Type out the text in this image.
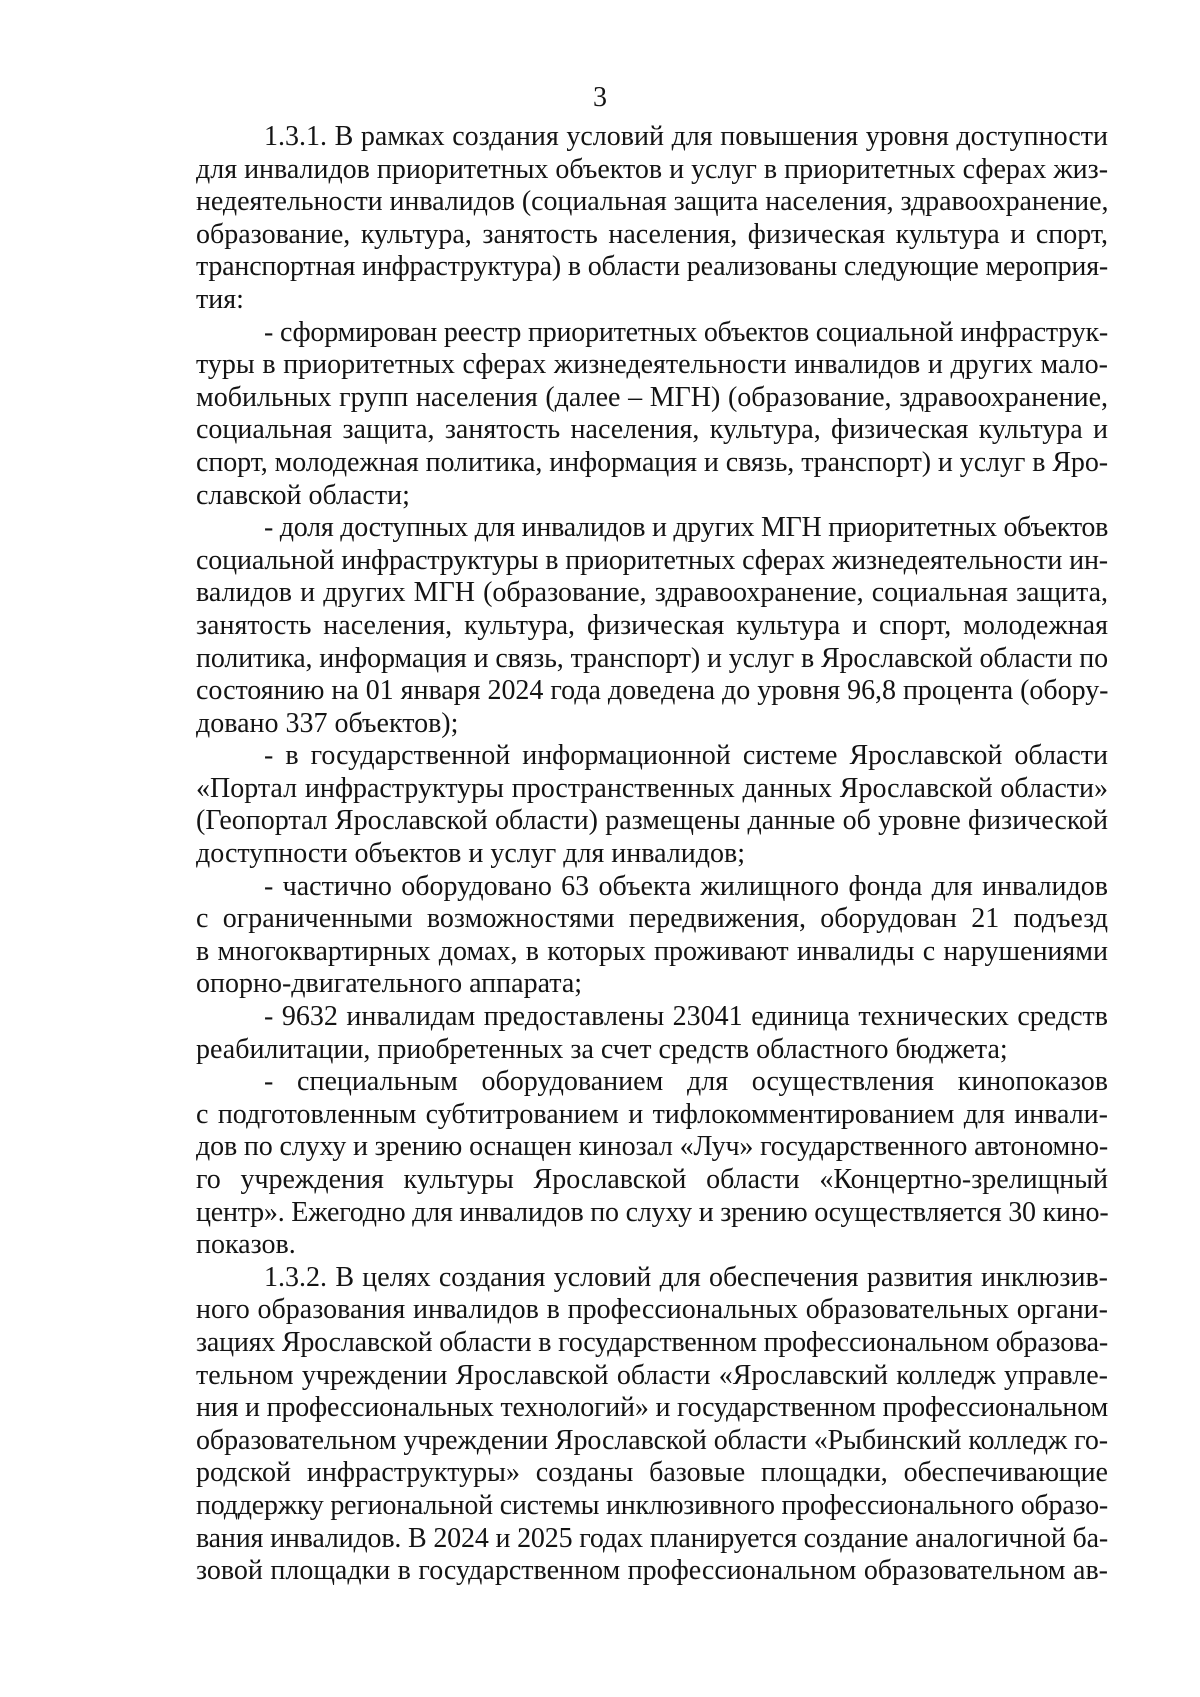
3
1.3.1. В рамках создания условий для повышения уровня доступности
для инвалидов приоритетных объектов и услуг в приоритетных сферах жиз-
недеятельности инвалидов (социальная защита населения, здравоохранение,
образование, культура, занятость населения, физическая культура и спорт,
транспортная инфраструктура) в области реализованы следующие мероприя-
тия:
- сформирован реестр приоритетных объектов социальной инфраструк-
туры в приоритетных сферах жизнедеятельности инвалидов и других мало-
мобильных групп населения (далее – МГН) (образование, здравоохранение,
социальная защита, занятость населения, культура, физическая культура и
спорт, молодежная политика, информация и связь, транспорт) и услуг в Яро-
славской области;
- доля доступных для инвалидов и других МГН приоритетных объектов
социальной инфраструктуры в приоритетных сферах жизнедеятельности ин-
валидов и других МГН (образование, здравоохранение, социальная защита,
занятость населения, культура, физическая культура и спорт, молодежная
политика, информация и связь, транспорт) и услуг в Ярославской области по
состоянию на 01 января 2024 года доведена до уровня 96,8 процента (обору-
довано 337 объектов);
- в государственной информационной системе Ярославской области
«Портал инфраструктуры пространственных данных Ярославской области»
(Геопортал Ярославской области) размещены данные об уровне физической
доступности объектов и услуг для инвалидов;
- частично оборудовано 63 объекта жилищного фонда для инвалидов
с ограниченными возможностями передвижения, оборудован 21 подъезд
в многоквартирных домах, в которых проживают инвалиды с нарушениями
опорно-двигательного аппарата;
- 9632 инвалидам предоставлены 23041 единица технических средств
реабилитации, приобретенных за счет средств областного бюджета;
- специальным оборудованием для осуществления кинопоказов
с подготовленным субтитрованием и тифлокомментированием для инвали-
дов по слуху и зрению оснащен кинозал «Луч» государственного автономно-
го учреждения культуры Ярославской области «Концертно-зрелищный
центр». Ежегодно для инвалидов по слуху и зрению осуществляется 30 кино-
показов.
1.3.2. В целях создания условий для обеспечения развития инклюзив-
ного образования инвалидов в профессиональных образовательных органи-
зациях Ярославской области в государственном профессиональном образова-
тельном учреждении Ярославской области «Ярославский колледж управле-
ния и профессиональных технологий» и государственном профессиональном
образовательном учреждении Ярославской области «Рыбинский колледж го-
родской инфраструктуры» созданы базовые площадки, обеспечивающие
поддержку региональной системы инклюзивного профессионального образо-
вания инвалидов. В 2024 и 2025 годах планируется создание аналогичной ба-
зовой площадки в государственном профессиональном образовательном ав-
